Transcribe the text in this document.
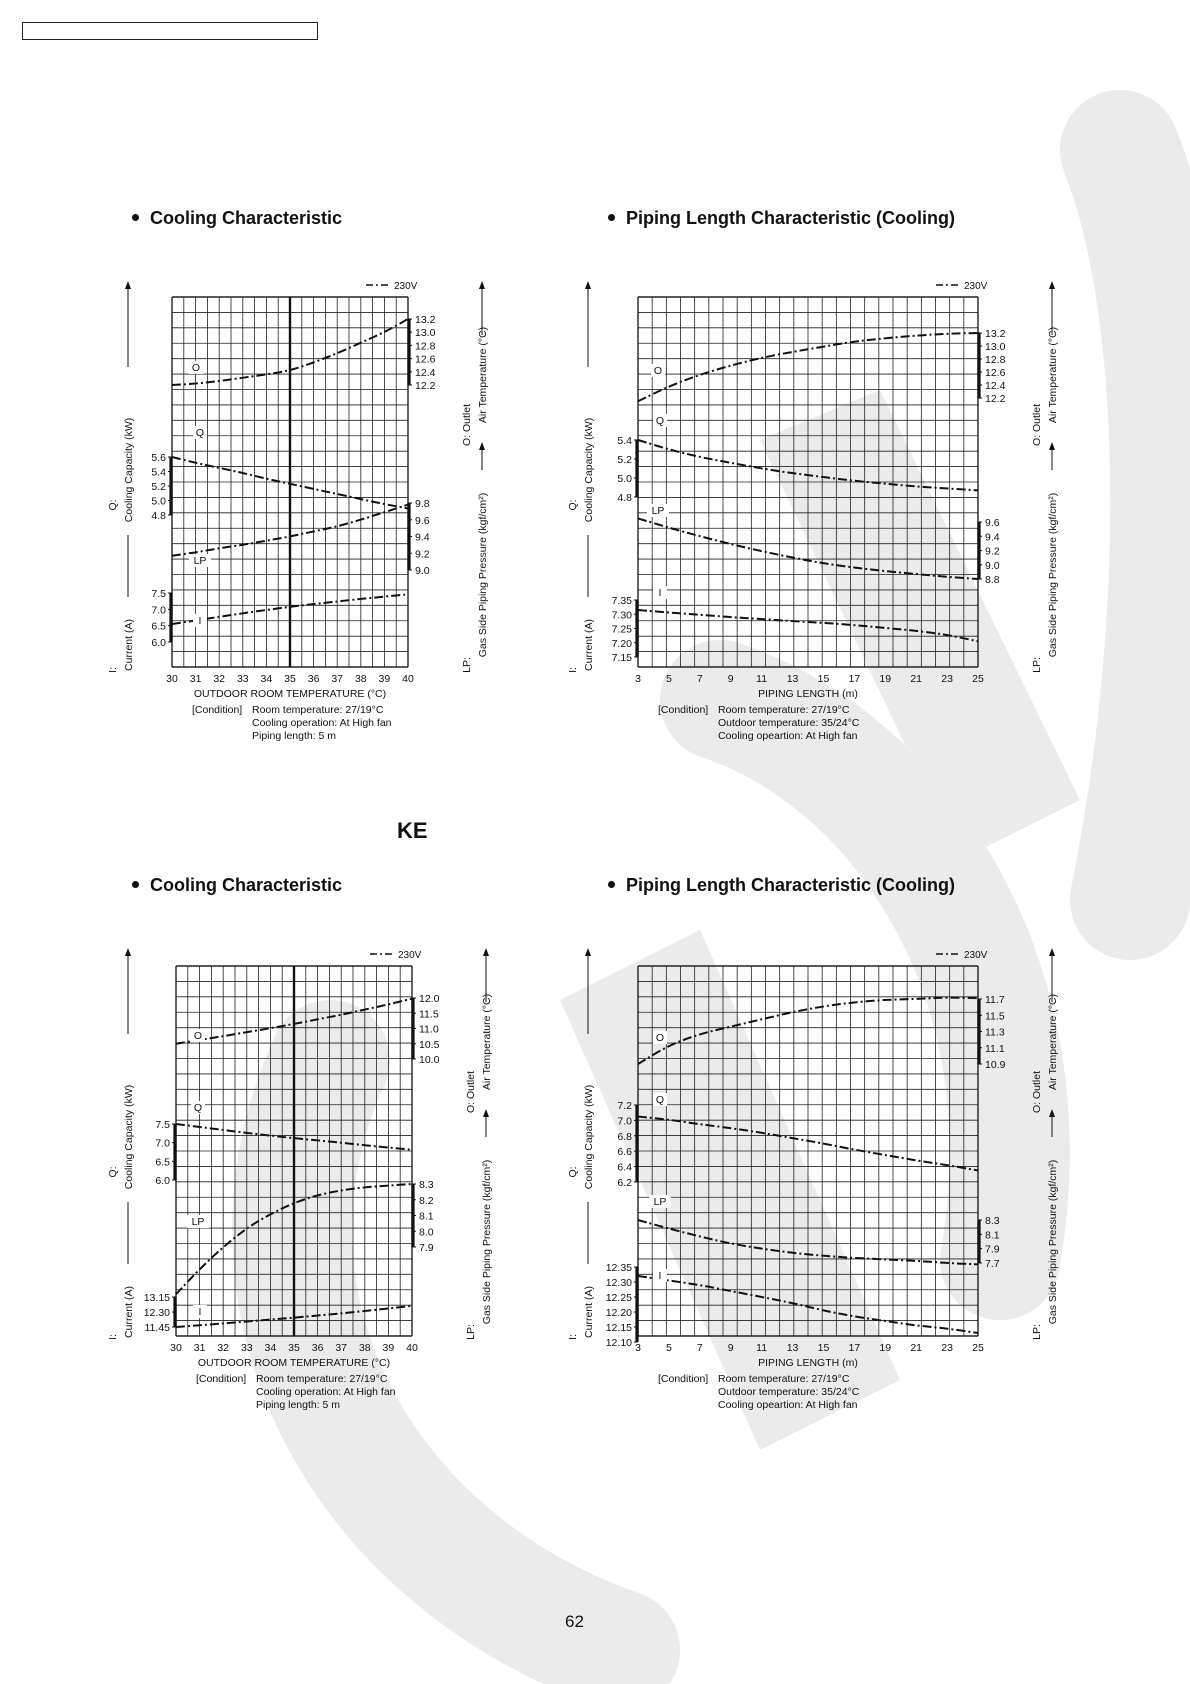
Cooling Characteristic	Piping Length Characteristic (Cooling)
Cooling Characteristic	Piping Length Characteristic (Cooling)
KE
230V
30 31 32 33 34 35 36 37 38 39 40
OUTDOOR ROOM TEMPERATURE (°C)
[Condition] Room temperature: 27/19°C
Cooling operation: At High fan
Piping length: 5 m
13.2
13.0
12.8
12.6
12.4
12.2
O
5.6
5.4
5.2
5.0
4.8
Q
9.8
9.6
9.4
9.2
9.0
LP
7.5
7.0
6.5
6.0
I
Q: Cooling Capacity (kW)
I: Current (A)
O: Outlet
Air Temperature (°C)
LP:
Gas Side Piping Pressure (kgf/cm²)
230V
3 5 7 9 11 13 15 17 19 21 23 25
PIPING LENGTH (m)
[Condition] Room temperature: 27/19°C
Outdoor temperature: 35/24°C
Cooling opeartion: At High fan
13.2
13.0
12.8
12.6
12.4
12.2
O
5.4
5.2
5.0
4.8
Q
9.6
9.4
9.2
9.0
8.8
LP
7.35
7.30
7.25
7.20
7.15
I
Q: Cooling Capacity (kW)
I: Current (A)
O: Outlet
Air Temperature (°C)
LP:
Gas Side Piping Pressure (kgf/cm²)
230V
30 31 32 33 34 35 36 37 38 39 40
OUTDOOR ROOM TEMPERATURE (°C)
[Condition] Room temperature: 27/19°C
Cooling operation: At High fan
Piping length: 5 m
12.0
11.5
11.0
10.5
10.0
O
7.5
7.0
6.5
6.0
Q
8.3
8.2
8.1
8.0
7.9
LP
13.15
12.30
11.45
I
Q: Cooling Capacity (kW)
I: Current (A)
O: Outlet
Air Temperature (°C)
LP:
Gas Side Piping Pressure (kgf/cm²)
230V
3 5 7 9 11 13 15 17 19 21 23 25
PIPING LENGTH (m)
[Condition] Room temperature: 27/19°C
Outdoor temperature: 35/24°C
Cooling opeartion: At High fan
11.7
11.5
11.3
11.1
10.9
O
7.2
7.0
6.8
6.6
6.4
6.2
Q
8.3
8.1
7.9
7.7
LP
12.35
12.30
12.25
12.20
12.15
12.10
I
Q: Cooling Capacity (kW)
I: Current (A)
O: Outlet
Air Temperature (°C)
LP:
Gas Side Piping Pressure (kgf/cm²)
62
